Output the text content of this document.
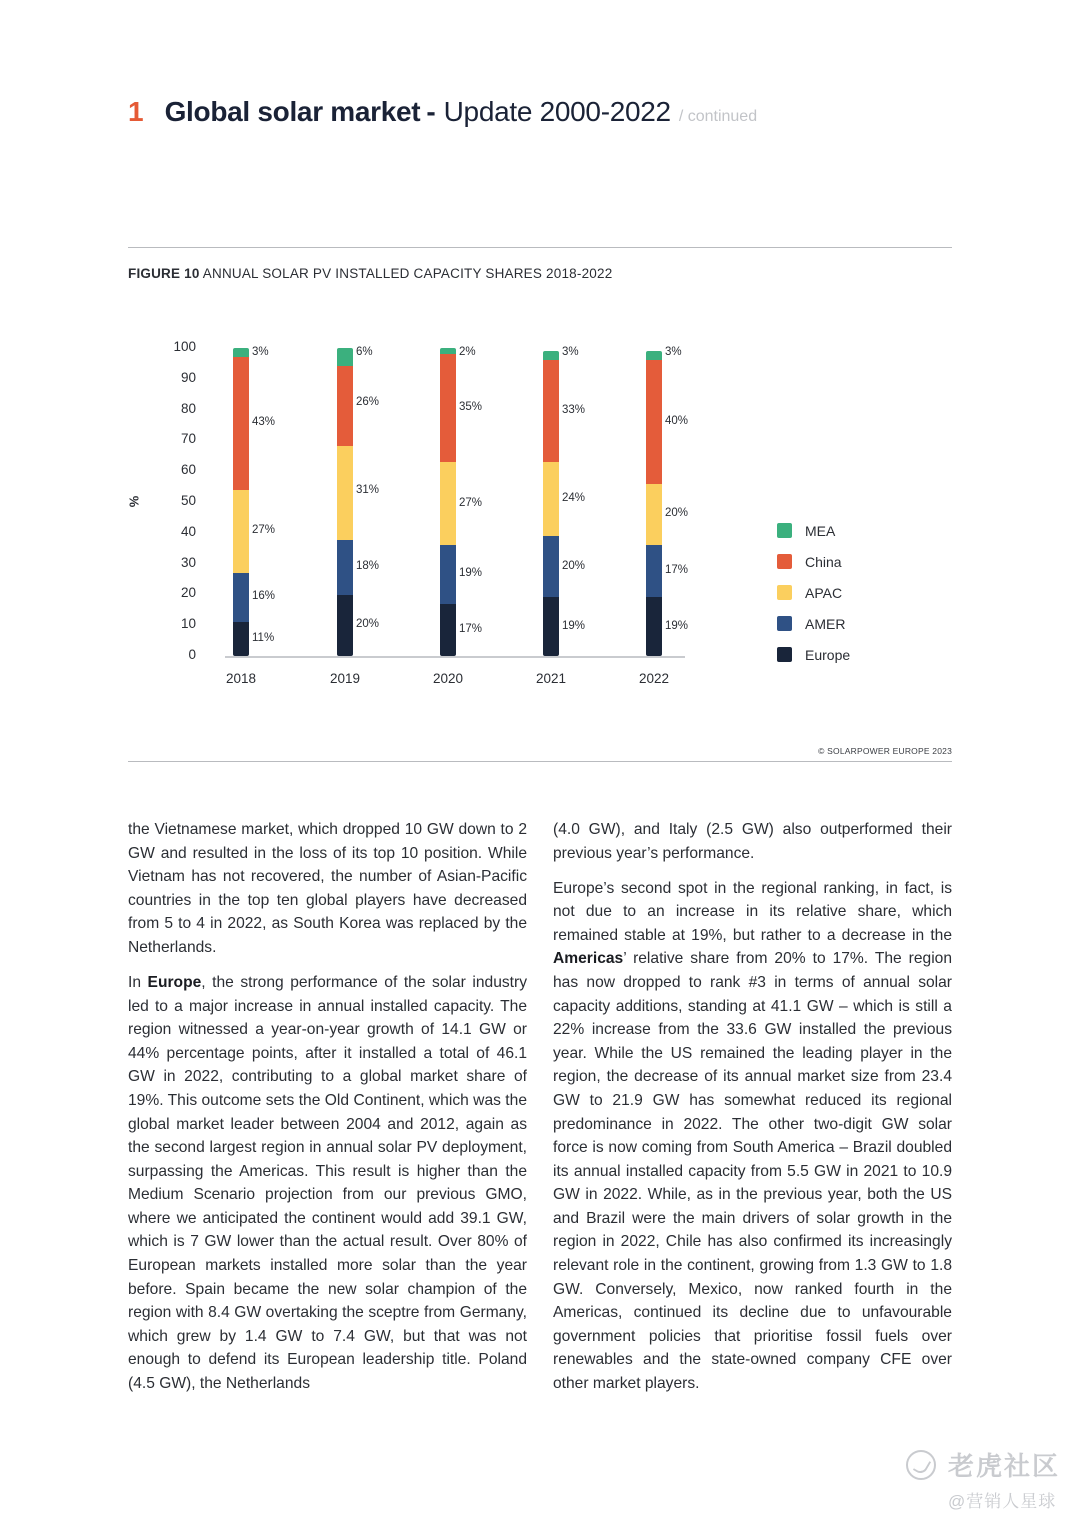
1 Global solar market - Update 2000-2022 / continued
FIGURE 10 ANNUAL SOLAR PV INSTALLED CAPACITY SHARES 2018-2022
%
0
10
20
30
40
50
60
70
80
90
100
11%
16%
27%
43%
3%
20%
18%
31%
26%
6%
17%
19%
27%
35%
2%
19%
20%
24%
33%
3%
19%
17%
20%
40%
3%
2018	2019	2020	2021	2022
MEA
China
APAC
AMER
Europe
© SOLARPOWER EUROPE 2023

the Vietnamese market, which dropped 10 GW down to 2 GW and resulted in the loss of its top 10 position. While Vietnam has not recovered, the number of Asian-Pacific countries in the top ten global players have decreased from 5 to 4 in 2022, as South Korea was replaced by the Netherlands.

In Europe, the strong performance of the solar industry led to a major increase in annual installed capacity. The region witnessed a year-on-year growth of 14.1 GW or 44% percentage points, after it installed a total of 46.1 GW in 2022, contributing to a global market share of 19%. This outcome sets the Old Continent, which was the global market leader between 2004 and 2012, again as the second largest region in annual solar PV deployment, surpassing the Americas. This result is higher than the Medium Scenario projection from our previous GMO, where we anticipated the continent would add 39.1 GW, which is 7 GW lower than the actual result. Over 80% of European markets installed more solar than the year before. Spain became the new solar champion of the region with 8.4 GW overtaking the sceptre from Germany, which grew by 1.4 GW to 7.4 GW, but that was not enough to defend its European leadership title. Poland (4.5 GW), the Netherlands

(4.0 GW), and Italy (2.5 GW) also outperformed their previous year’s performance.

Europe’s second spot in the regional ranking, in fact, is not due to an increase in its relative share, which remained stable at 19%, but rather to a decrease in the Americas’ relative share from 20% to 17%. The region has now dropped to rank #3 in terms of annual solar capacity additions, standing at 41.1 GW – which is still a 22% increase from the 33.6 GW installed the previous year. While the US remained the leading player in the region, the decrease of its annual market size from 23.4 GW to 21.9 GW has somewhat reduced its regional predominance in 2022. The other two-digit GW solar force is now coming from South America – Brazil doubled its annual installed capacity from 5.5 GW in 2021 to 10.9 GW in 2022. While, as in the previous year, both the US and Brazil were the main drivers of solar growth in the region in 2022, Chile has also confirmed its increasingly relevant role in the continent, growing from 1.3 GW to 1.8 GW. Conversely, Mexico, now ranked fourth in the Americas, continued its decline due to unfavourable government policies that prioritise fossil fuels over renewables and the state-owned company CFE over other market players.

老虎社区
@营销人星球
